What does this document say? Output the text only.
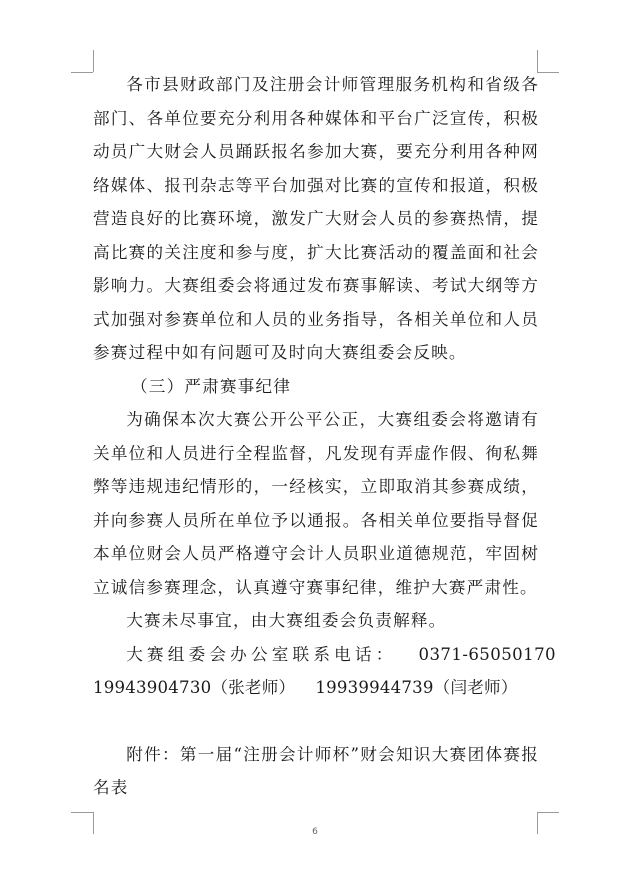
各市县财政部门及注册会计师管理服务机构和省级各部门、各单位要充分利用各种媒体和平台广泛宣传，积极动员广大财会人员踊跃报名参加大赛，要充分利用各种网络媒体、报刊杂志等平台加强对比赛的宣传和报道，积极营造良好的比赛环境，激发广大财会人员的参赛热情，提高比赛的关注度和参与度，扩大比赛活动的覆盖面和社会影响力。大赛组委会将通过发布赛事解读、考试大纲等方式加强对参赛单位和人员的业务指导，各相关单位和人员参赛过程中如有问题可及时向大赛组委会反映。

（三）严肃赛事纪律

为确保本次大赛公开公平公正，大赛组委会将邀请有关单位和人员进行全程监督，凡发现有弄虚作假、徇私舞弊等违规违纪情形的，一经核实，立即取消其参赛成绩，并向参赛人员所在单位予以通报。各相关单位要指导督促本单位财会人员严格遵守会计人员职业道德规范，牢固树立诚信参赛理念，认真遵守赛事纪律，维护大赛严肃性。

大赛未尽事宜，由大赛组委会负责解释。

大赛组委会办公室联系电话： 0371-65050170

19943904730（张老师） 19939944739（闫老师）

附件：第一届“注册会计师杯”财会知识大赛团体赛报名表

6
